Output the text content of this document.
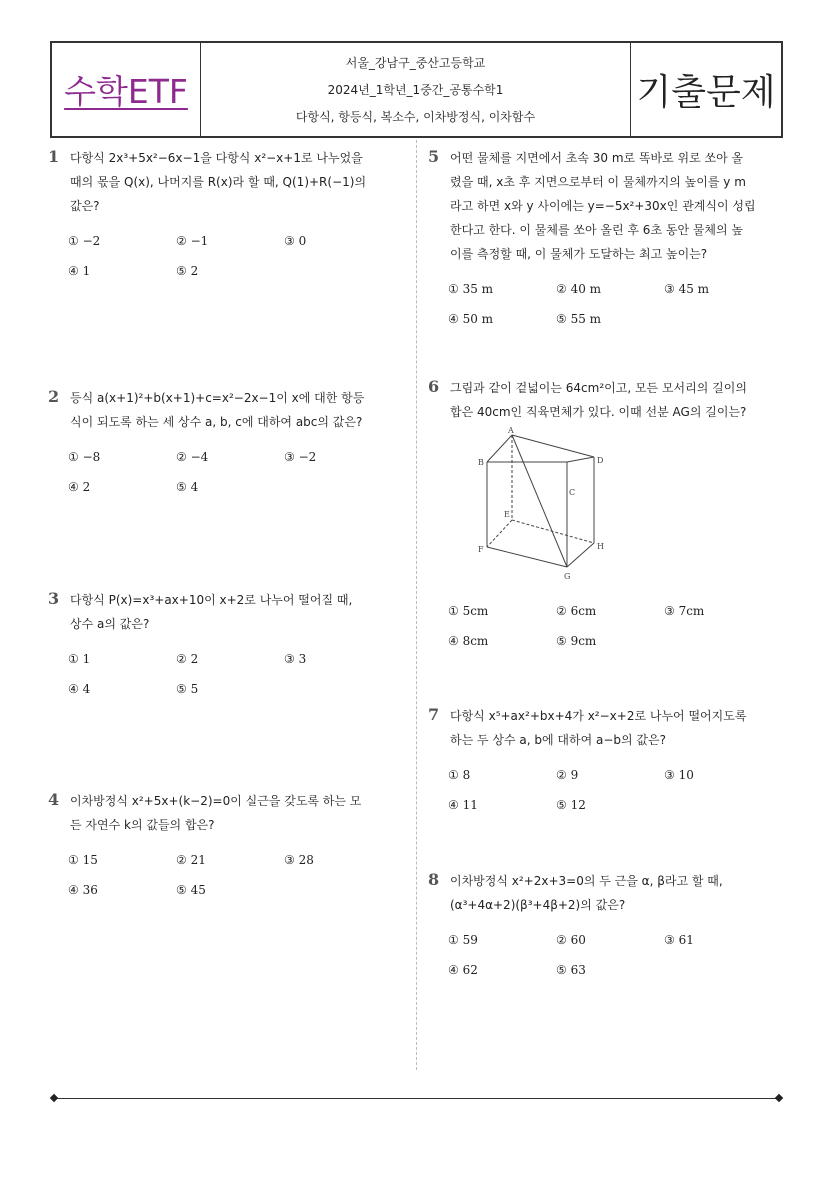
수학ETF
서울_강남구_중산고등학교
2024년_1학년_1중간_공통수학1
다항식, 항등식, 복소수, 이차방정식, 이차함수
기출문제
1 다항식 2x³+5x²−6x−1을 다항식 x²−x+1로 나누었을
때의 몫을 Q(x), 나머지를 R(x)라 할 때, Q(1)+R(−1)의
값은?
① −2	② −1	③ 0
④ 1	⑤ 2
2 등식 a(x+1)²+b(x+1)+c=x²−2x−1이 x에 대한 항등
식이 되도록 하는 세 상수 a, b, c에 대하여 abc의 값은?
① −8	② −4	③ −2
④ 2	⑤ 4
3 다항식 P(x)=x³+ax+10이 x+2로 나누어 떨어질 때,
상수 a의 값은?
① 1	② 2	③ 3
④ 4	⑤ 5
4 이차방정식 x²+5x+(k−2)=0이 실근을 갖도록 하는 모
든 자연수 k의 값들의 합은?
① 15	② 21	③ 28
④ 36	⑤ 45
5 어떤 물체를 지면에서 초속 30 m로 똑바로 위로 쏘아 올
렸을 때, x초 후 지면으로부터 이 물체까지의 높이를 y m
라고 하면 x와 y 사이에는 y=−5x²+30x인 관계식이 성립
한다고 한다. 이 물체를 쏘아 올린 후 6초 동안 물체의 높
이를 측정할 때, 이 물체가 도달하는 최고 높이는?
① 35 m	② 40 m	③ 45 m
④ 50 m	⑤ 55 m
6 그림과 같이 겉넓이는 64cm²이고, 모든 모서리의 길이의
합은 40cm인 직육면체가 있다. 이때 선분 AG의 길이는?
① 5cm	② 6cm	③ 7cm
④ 8cm	⑤ 9cm
A
B
C
D
E
F
G
H
7 다항식 x⁵+ax²+bx+4가 x²−x+2로 나누어 떨어지도록
하는 두 상수 a, b에 대하여 a−b의 값은?
① 8	② 9	③ 10
④ 11	⑤ 12
8 이차방정식 x²+2x+3=0의 두 근을 α, β라고 할 때,
(α³+4α+2)(β³+4β+2)의 값은?
① 59	② 60	③ 61
④ 62	⑤ 63
